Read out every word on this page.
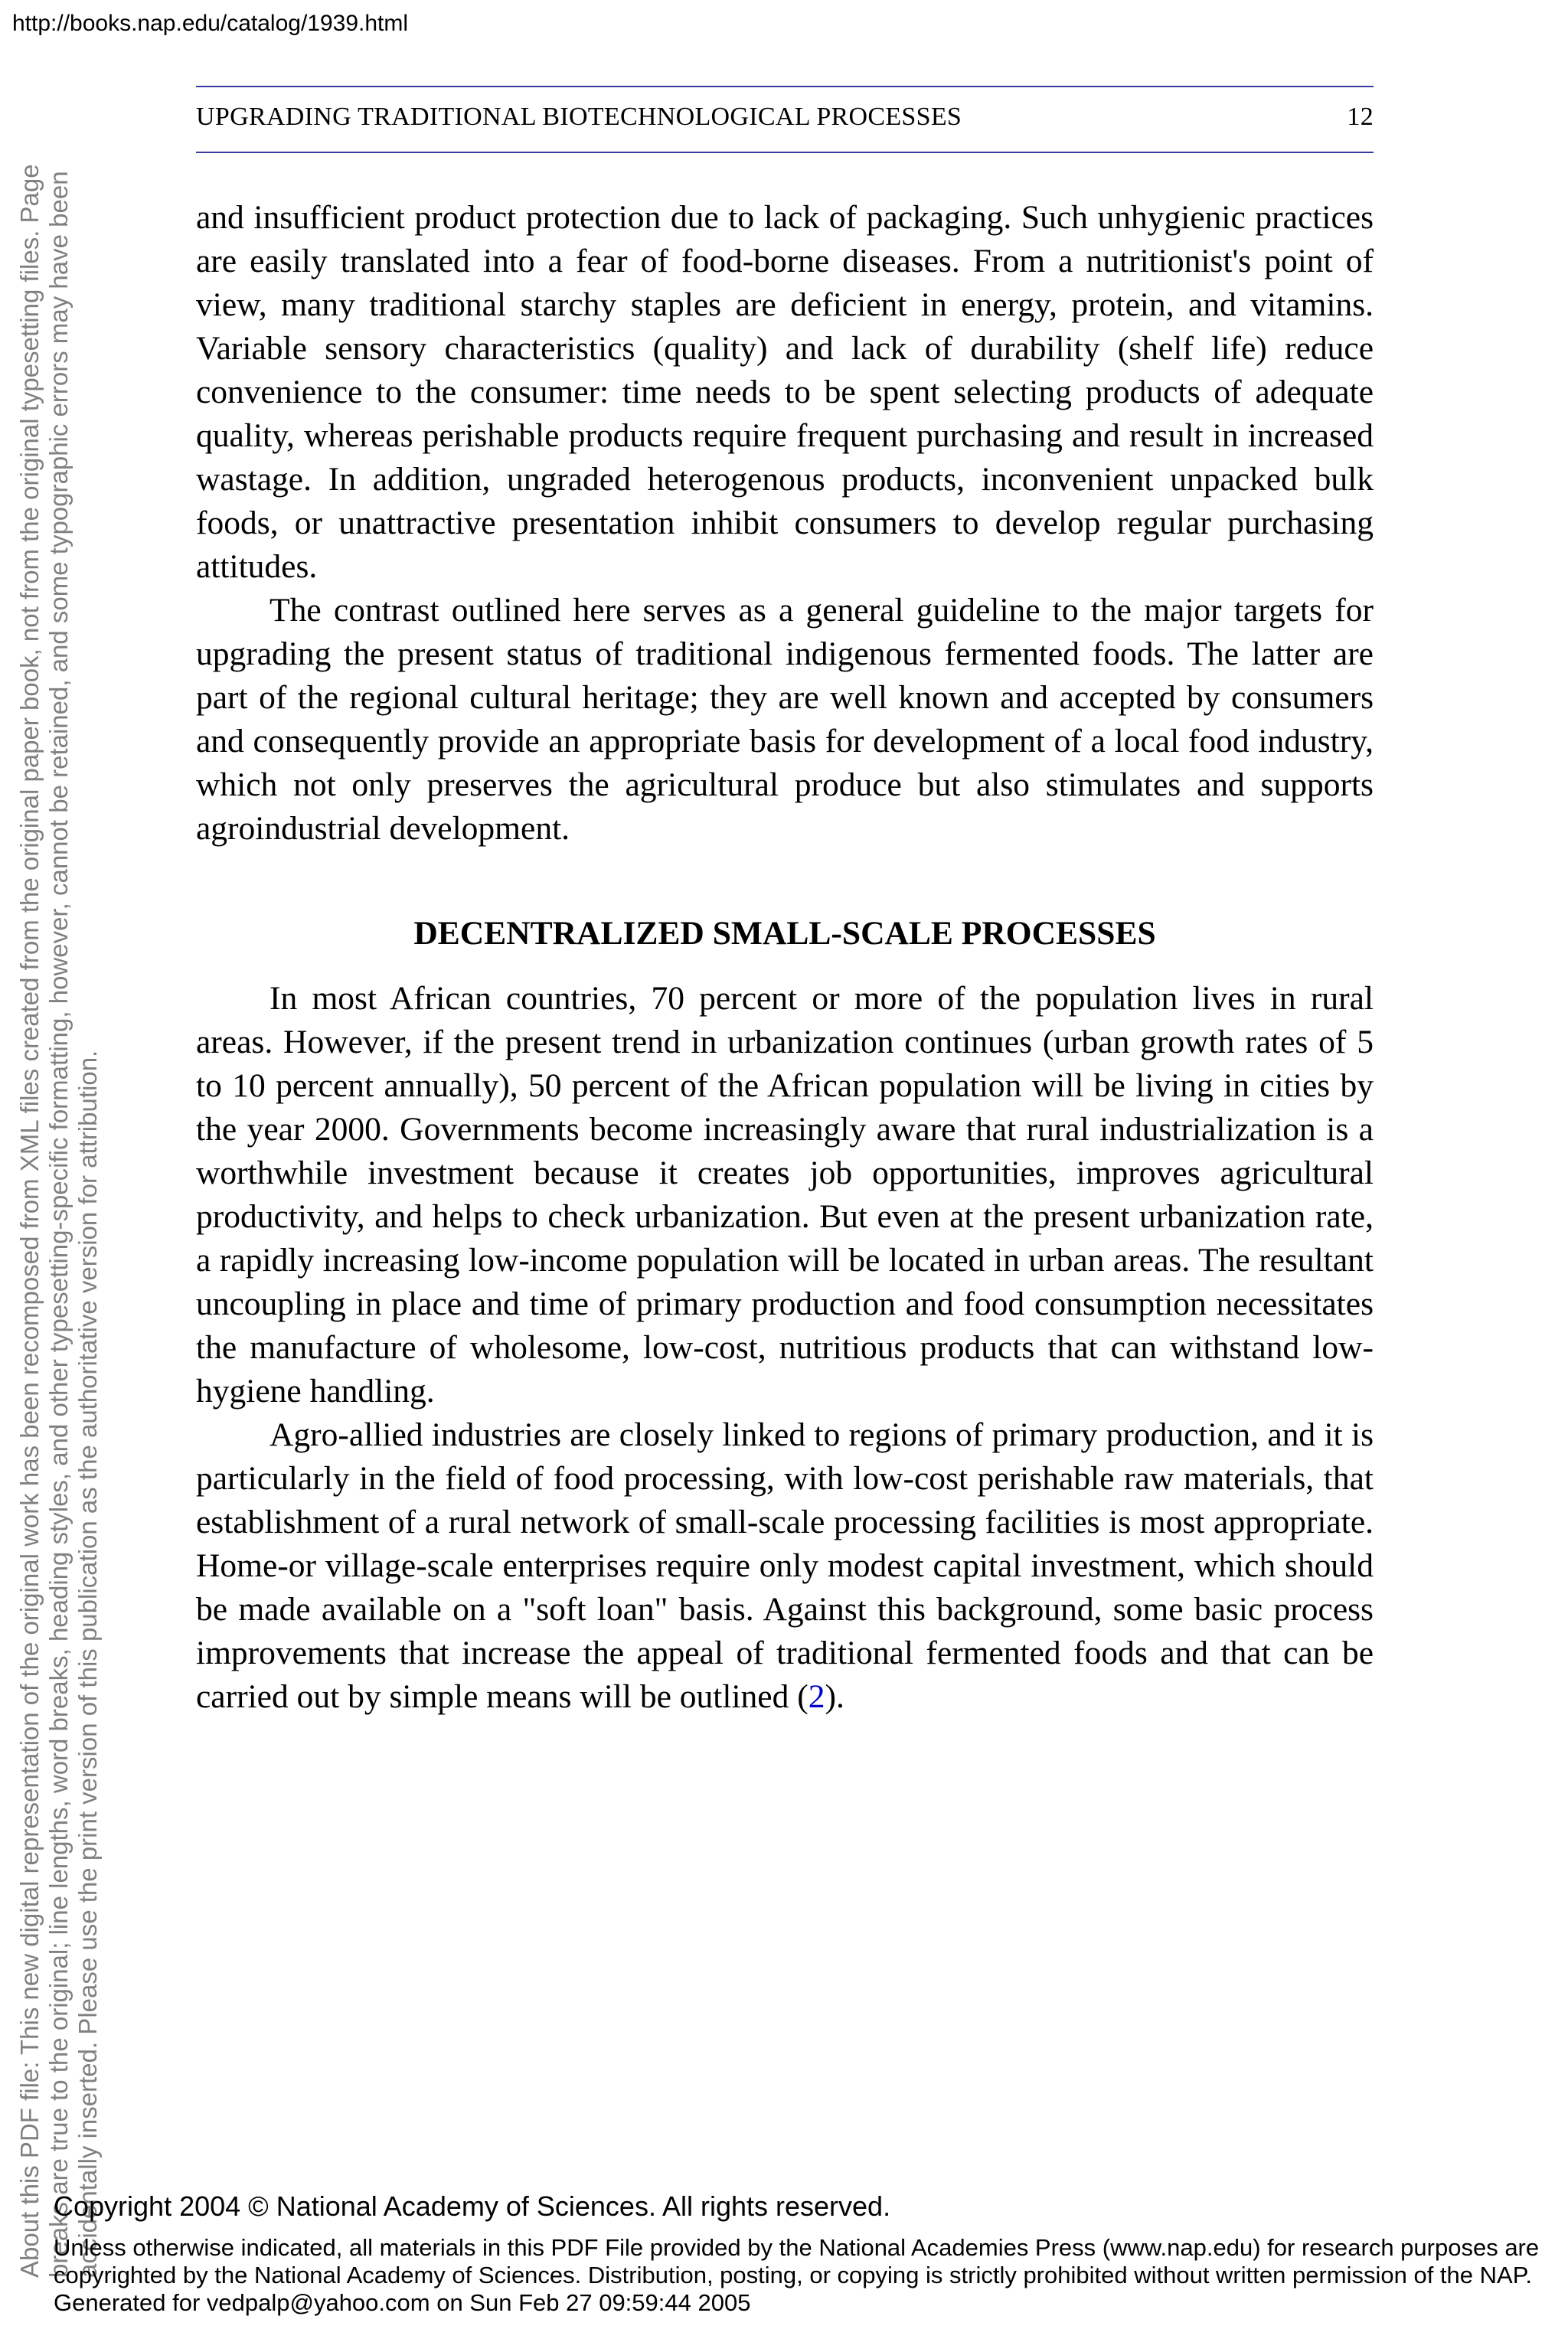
http://books.nap.edu/catalog/1939.html

About this PDF file: This new digital representation of the original work has been recomposed from XML files created from the original paper book, not from the original typesetting files. Page breaks are true to the original; line lengths, word breaks, heading styles, and other typesetting-specific formatting, however, cannot be retained, and some typographic errors may have been accidentally inserted. Please use the print version of this publication as the authoritative version for attribution.

UPGRADING TRADITIONAL BIOTECHNOLOGICAL PROCESSES	12

and insufficient product protection due to lack of packaging. Such unhygienic practices are easily translated into a fear of food-borne diseases. From a nutritionist's point of view, many traditional starchy staples are deficient in energy, protein, and vitamins. Variable sensory characteristics (quality) and lack of durability (shelf life) reduce convenience to the consumer: time needs to be spent selecting products of adequate quality, whereas perishable products require frequent purchasing and result in increased wastage. In addition, ungraded heterogenous products, inconvenient unpacked bulk foods, or unattractive presentation inhibit consumers to develop regular purchasing attitudes.

The contrast outlined here serves as a general guideline to the major targets for upgrading the present status of traditional indigenous fermented foods. The latter are part of the regional cultural heritage; they are well known and accepted by consumers and consequently provide an appropriate basis for development of a local food industry, which not only preserves the agricultural produce but also stimulates and supports agroindustrial development.

DECENTRALIZED SMALL-SCALE PROCESSES

In most African countries, 70 percent or more of the population lives in rural areas. However, if the present trend in urbanization continues (urban growth rates of 5 to 10 percent annually), 50 percent of the African population will be living in cities by the year 2000. Governments become increasingly aware that rural industrialization is a worthwhile investment because it creates job opportunities, improves agricultural productivity, and helps to check urbanization. But even at the present urbanization rate, a rapidly increasing low-income population will be located in urban areas. The resultant uncoupling in place and time of primary production and food consumption necessitates the manufacture of wholesome, low-cost, nutritious products that can withstand low-hygiene handling.

Agro-allied industries are closely linked to regions of primary production, and it is particularly in the field of food processing, with low-cost perishable raw materials, that establishment of a rural network of small-scale processing facilities is most appropriate. Home-or village-scale enterprises require only modest capital investment, which should be made available on a "soft loan" basis. Against this background, some basic process improvements that increase the appeal of traditional fermented foods and that can be carried out by simple means will be outlined (2).

Copyright 2004 © National Academy of Sciences. All rights reserved.

Unless otherwise indicated, all materials in this PDF File provided by the National Academies Press (www.nap.edu) for research purposes are copyrighted by the National Academy of Sciences. Distribution, posting, or copying is strictly prohibited without written permission of the NAP.

Generated for vedpalp@yahoo.com on Sun Feb 27 09:59:44 2005
